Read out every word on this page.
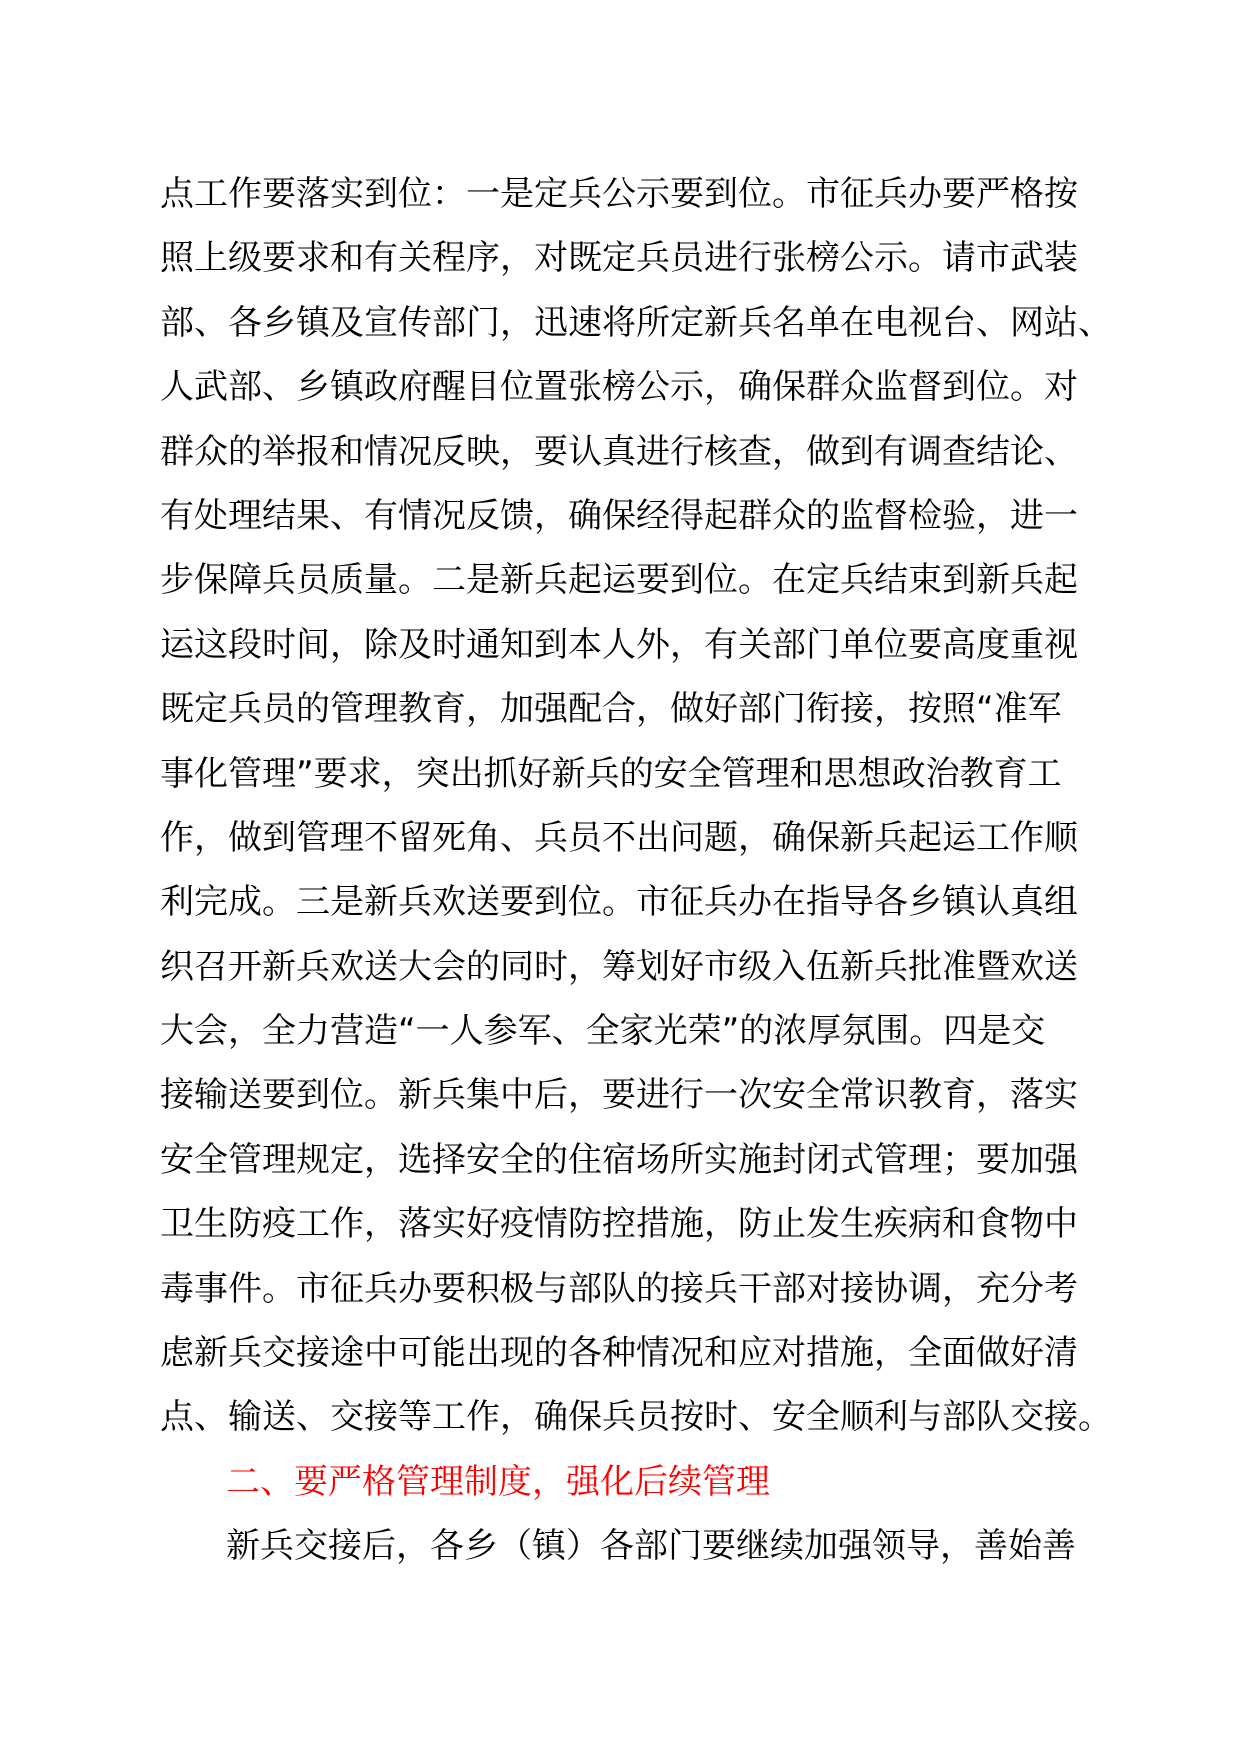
点工作要落实到位：一是定兵公示要到位。市征兵办要严格按
照上级要求和有关程序，对既定兵员进行张榜公示。请市武装
部、各乡镇及宣传部门，迅速将所定新兵名单在电视台、网站、
人武部、乡镇政府醒目位置张榜公示，确保群众监督到位。对
群众的举报和情况反映，要认真进行核查，做到有调查结论、
有处理结果、有情况反馈，确保经得起群众的监督检验，进一
步保障兵员质量。二是新兵起运要到位。在定兵结束到新兵起
运这段时间，除及时通知到本人外，有关部门单位要高度重视
既定兵员的管理教育，加强配合，做好部门衔接，按照“准军
事化管理”要求，突出抓好新兵的安全管理和思想政治教育工
作，做到管理不留死角、兵员不出问题，确保新兵起运工作顺
利完成。三是新兵欢送要到位。市征兵办在指导各乡镇认真组
织召开新兵欢送大会的同时，筹划好市级入伍新兵批准暨欢送
大会，全力营造“一人参军、全家光荣”的浓厚氛围。四是交
接输送要到位。新兵集中后，要进行一次安全常识教育，落实
安全管理规定，选择安全的住宿场所实施封闭式管理；要加强
卫生防疫工作，落实好疫情防控措施，防止发生疾病和食物中
毒事件。市征兵办要积极与部队的接兵干部对接协调，充分考
虑新兵交接途中可能出现的各种情况和应对措施，全面做好清
点、输送、交接等工作，确保兵员按时、安全顺利与部队交接。
二、要严格管理制度，强化后续管理
新兵交接后，各乡（镇）各部门要继续加强领导，善始善
